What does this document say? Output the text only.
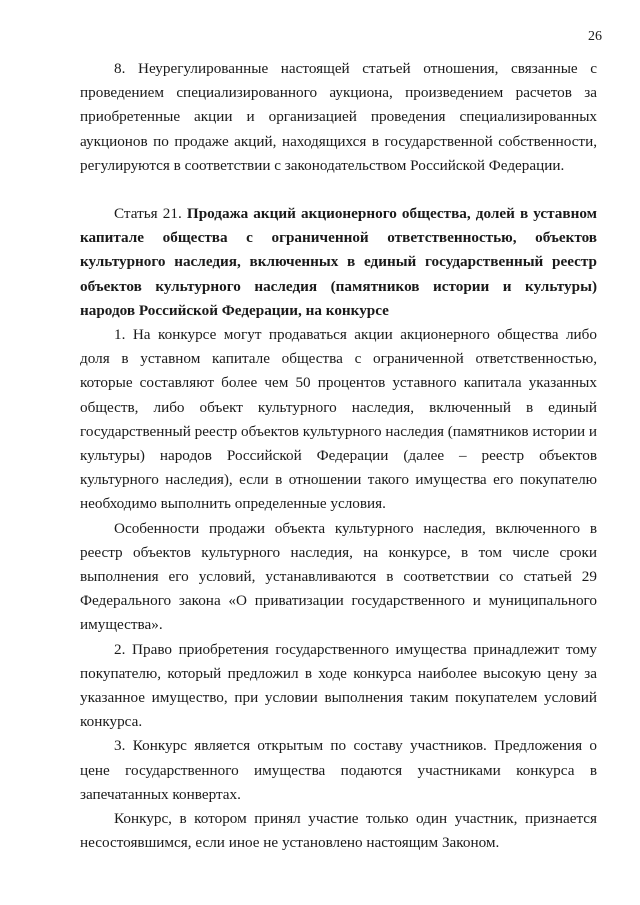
26

8. Неурегулированные настоящей статьей отношения, связанные с проведением специализированного аукциона, произведением расчетов за приобретенные акции и организацией проведения специализированных аукционов по продаже акций, находящихся в государственной собственности, регулируются в соответствии с законодательством Российской Федерации.

Статья 21. Продажа акций акционерного общества, долей в уставном капитале общества с ограниченной ответственностью, объектов культурного наследия, включенных в единый государственный реестр объектов культурного наследия (памятников истории и культуры) народов Российской Федерации, на конкурсе

1. На конкурсе могут продаваться акции акционерного общества либо доля в уставном капитале общества с ограниченной ответственностью, которые составляют более чем 50 процентов уставного капитала указанных обществ, либо объект культурного наследия, включенный в единый государственный реестр объектов культурного наследия (памятников истории и культуры) народов Российской Федерации (далее – реестр объектов культурного наследия), если в отношении такого имущества его покупателю необходимо выполнить определенные условия.

Особенности продажи объекта культурного наследия, включенного в реестр объектов культурного наследия, на конкурсе, в том числе сроки выполнения его условий, устанавливаются в соответствии со статьей 29 Федерального закона «О приватизации государственного и муниципального имущества».

2. Право приобретения государственного имущества принадлежит тому покупателю, который предложил в ходе конкурса наиболее высокую цену за указанное имущество, при условии выполнения таким покупателем условий конкурса.

3. Конкурс является открытым по составу участников. Предложения о цене государственного имущества подаются участниками конкурса в запечатанных конвертах.

Конкурс, в котором принял участие только один участник, признается несостоявшимся, если иное не установлено настоящим Законом.
